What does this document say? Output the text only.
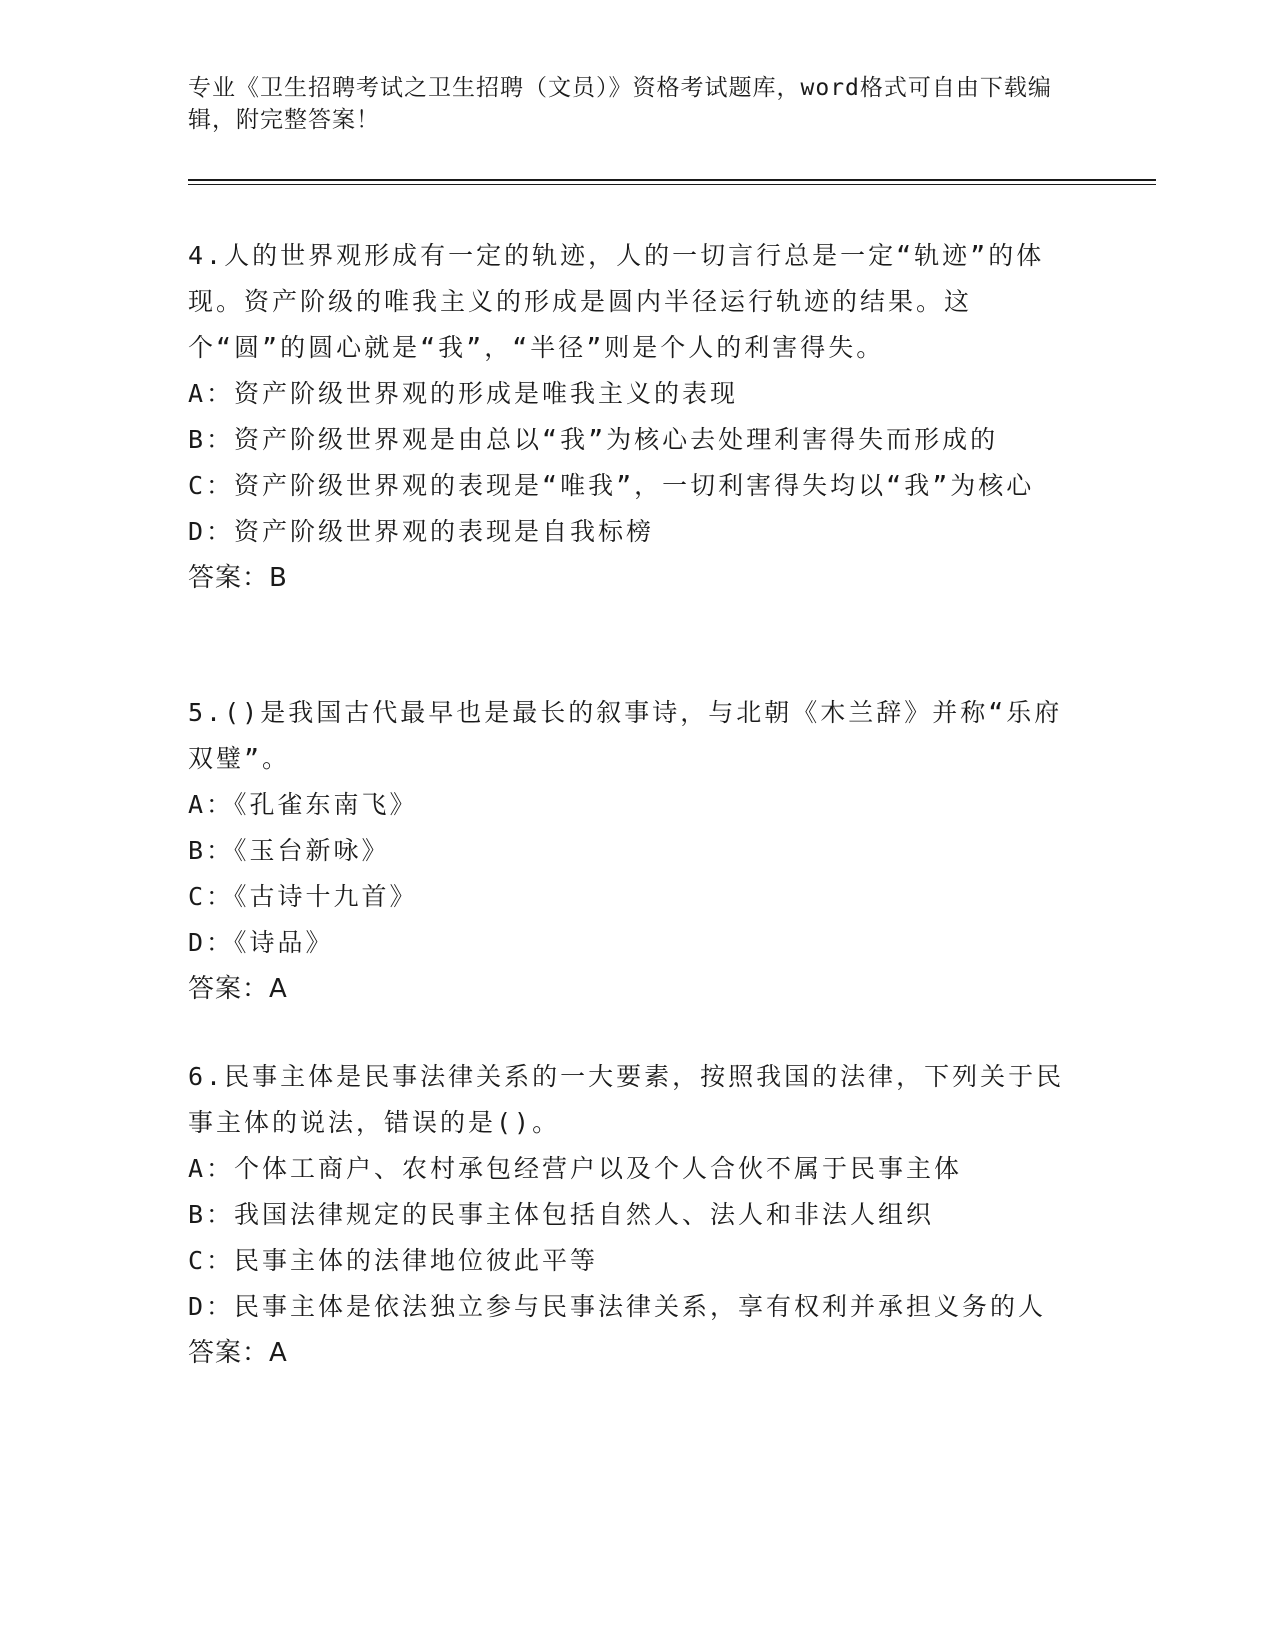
专业《卫生招聘考试之卫生招聘（文员）》资格考试题库，word格式可自由下载编辑，附完整答案！

4.人的世界观形成有一定的轨迹，人的一切言行总是一定“轨迹”的体现。资产阶级的唯我主义的形成是圆内半径运行轨迹的结果。这个“圆”的圆心就是“我”，“半径”则是个人的利害得失。

A：资产阶级世界观的形成是唯我主义的表现

B：资产阶级世界观是由总以“我”为核心去处理利害得失而形成的

C：资产阶级世界观的表现是“唯我”，一切利害得失均以“我”为核心

D：资产阶级世界观的表现是自我标榜

答案：B

5.()是我国古代最早也是最长的叙事诗，与北朝《木兰辞》并称“乐府双璧”。

A：《孔雀东南飞》

B：《玉台新咏》

C：《古诗十九首》

D：《诗品》

答案：A

6.民事主体是民事法律关系的一大要素，按照我国的法律，下列关于民事主体的说法，错误的是()。

A：个体工商户、农村承包经营户以及个人合伙不属于民事主体

B：我国法律规定的民事主体包括自然人、法人和非法人组织

C：民事主体的法律地位彼此平等

D：民事主体是依法独立参与民事法律关系，享有权利并承担义务的人

答案：A
